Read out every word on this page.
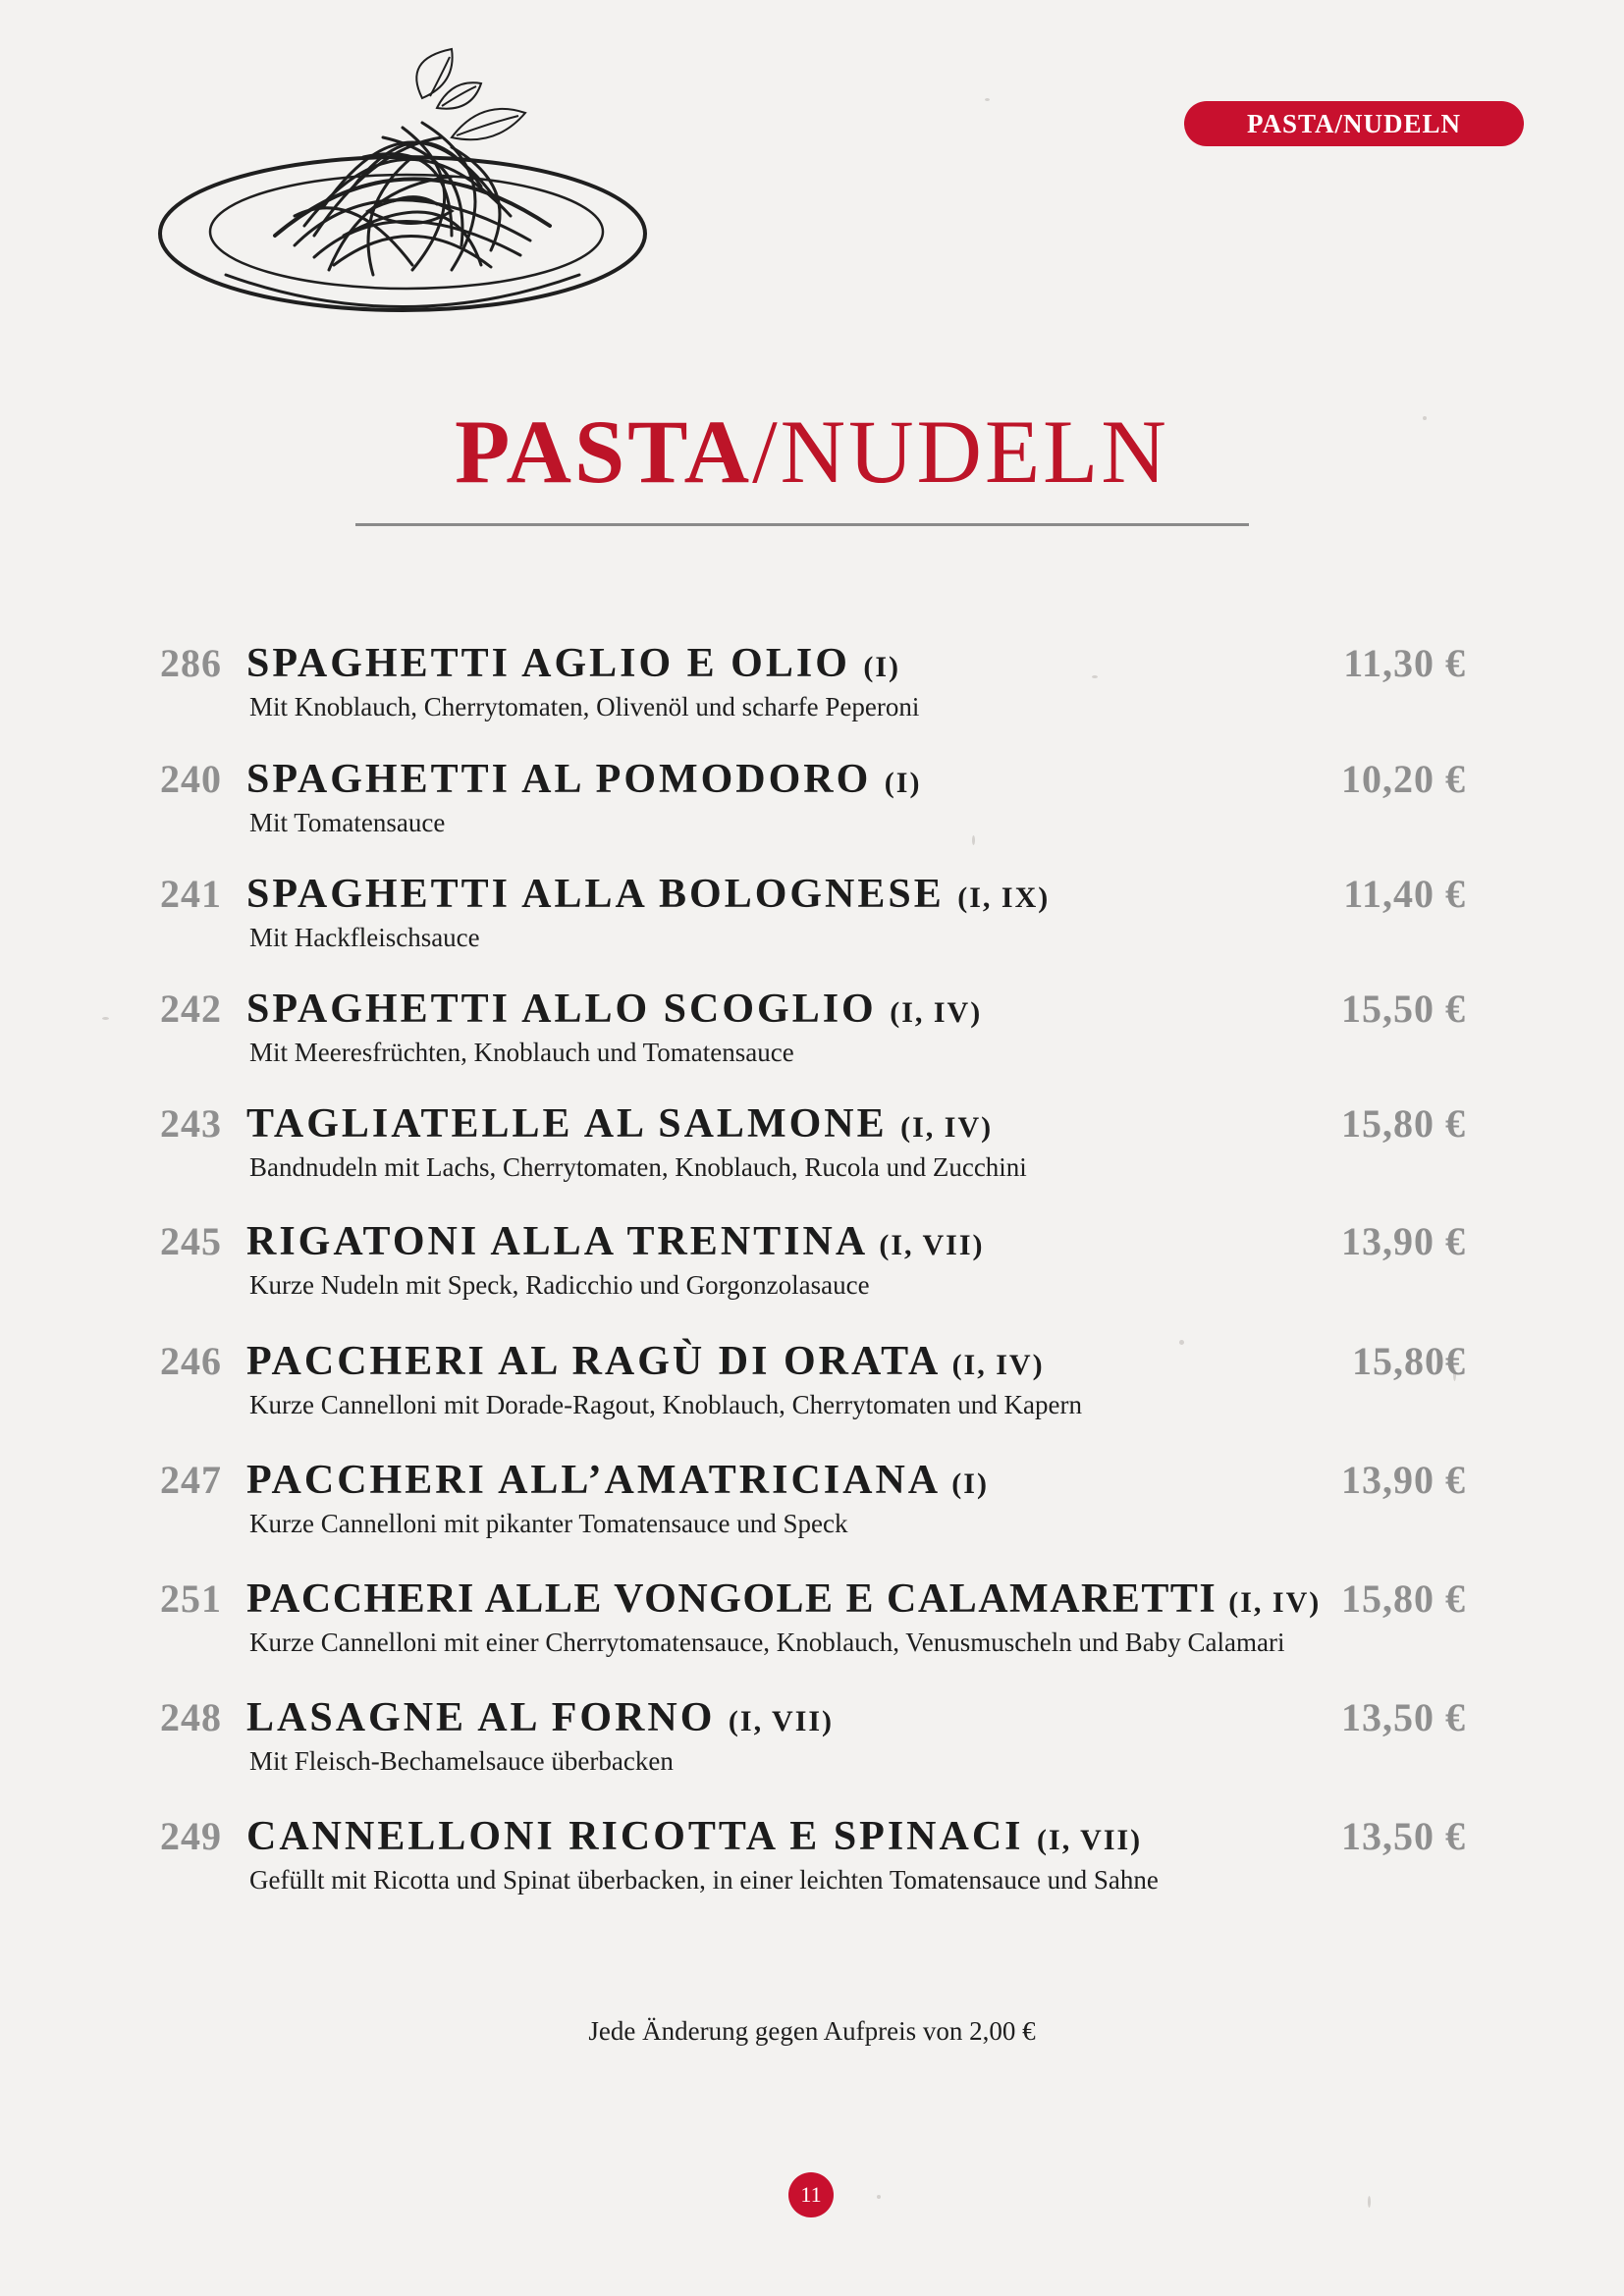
PASTA/NUDELN
PASTA/NUDELN
286 SPAGHETTI AGLIO E OLIO (I)	11,30 €
Mit Knoblauch, Cherrytomaten, Olivenöl und scharfe Peperoni
240 SPAGHETTI AL POMODORO (I)	10,20 €
Mit Tomatensauce
241 SPAGHETTI ALLA BOLOGNESE (I, IX)	11,40 €
Mit Hackfleischsauce
242 SPAGHETTI ALLO SCOGLIO (I, IV)	15,50 €
Mit Meeresfrüchten, Knoblauch und Tomatensauce
243 TAGLIATELLE AL SALMONE (I, IV)	15,80 €
Bandnudeln mit Lachs, Cherrytomaten, Knoblauch, Rucola und Zucchini
245 RIGATONI ALLA TRENTINA (I, VII)	13,90 €
Kurze Nudeln mit Speck, Radicchio und Gorgonzolasauce
246 PACCHERI AL RAGÙ DI ORATA (I, IV)	15,80€
Kurze Cannelloni mit Dorade-Ragout, Knoblauch, Cherrytomaten und Kapern
247 PACCHERI ALL’AMATRICIANA (I)	13,90 €
Kurze Cannelloni mit pikanter Tomatensauce und Speck
251 PACCHERI ALLE VONGOLE E CALAMARETTI (I, IV) 15,80 €
Kurze Cannelloni mit einer Cherrytomatensauce, Knoblauch, Venusmuscheln und Baby Calamari
248 LASAGNE AL FORNO (I, VII)	13,50 €
Mit Fleisch-Bechamelsauce überbacken
249 CANNELLONI RICOTTA E SPINACI (I, VII)	13,50 €
Gefüllt mit Ricotta und Spinat überbacken, in einer leichten Tomatensauce und Sahne
Jede Änderung gegen Aufpreis von 2,00 €
11
